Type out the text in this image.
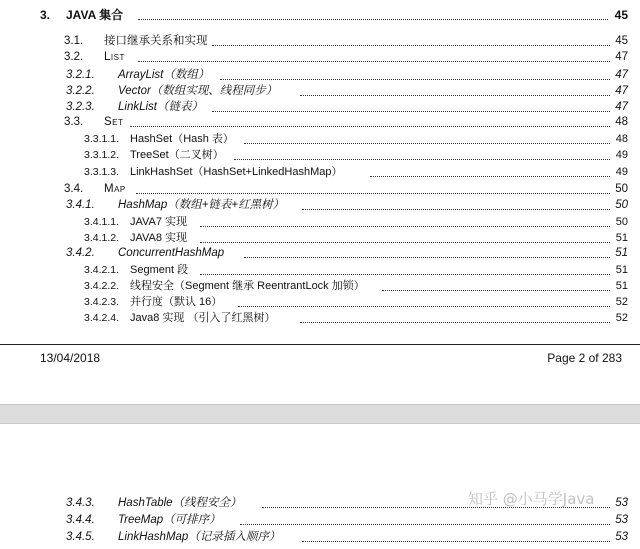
3. JAVA 集合	45
3.1. 接口继承关系和实现	45
3.2. List	47
3.2.1. ArrayList（数组）	47
3.2.2. Vector（数组实现、线程同步）	47
3.2.3. LinkList（链表）	47
3.3. Set	48
3.3.1.1. HashSet（Hash 表）	48
3.3.1.2. TreeSet（二叉树）	49
3.3.1.3. LinkHashSet（HashSet+LinkedHashMap）	49
3.4. Map	50
3.4.1. HashMap（数组+链表+红黑树）	50
3.4.1.1. JAVA7 实现	50
3.4.1.2. JAVA8 实现	51
3.4.2. ConcurrentHashMap	51
3.4.2.1. Segment 段	51
3.4.2.2. 线程安全（Segment 继承 ReentrantLock 加锁）	51
3.4.2.3. 并行度（默认 16）	52
3.4.2.4. Java8 实现 （引入了红黑树）	52
13/04/2018	Page 2 of 283
3.4.3. HashTable（线程安全）	53
3.4.4. TreeMap（可排序）	53
3.4.5. LinkHashMap（记录插入顺序）	53
知乎 @小马学Java
